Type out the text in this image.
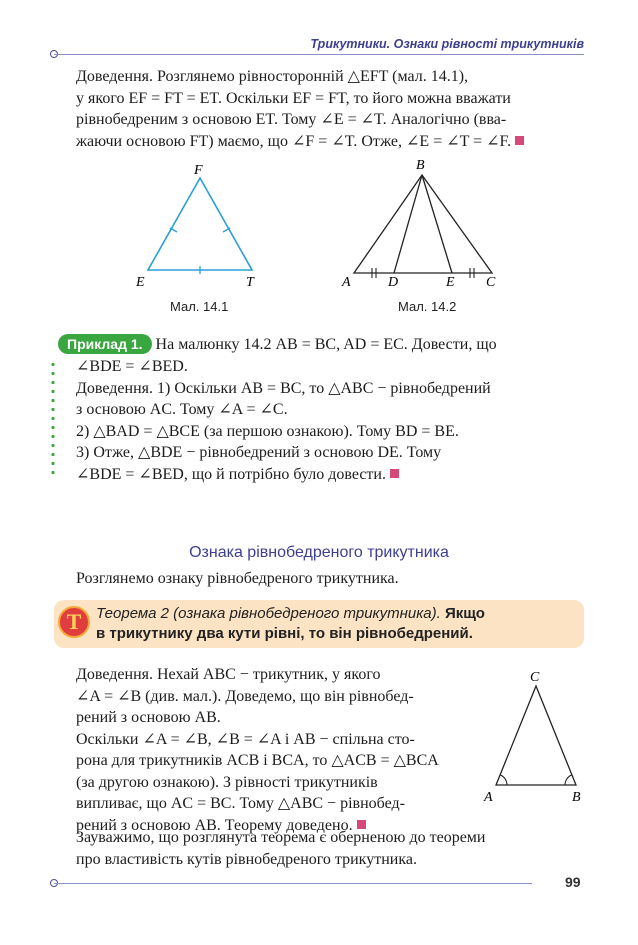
Трикутники. Ознаки рівності трикутників

Доведення. Розглянемо рівносторонній △EFT (мал. 14.1),

у якого EF = FT = ET. Оскільки EF = FT, то його можна вважати

рівнобедреним з основою ET. Тому ∠E = ∠T. Аналогічно (вва-

жаючи основою FT) маємо, що ∠F = ∠T. Отже, ∠E = ∠T = ∠F.

F
E	T
Мал. 14.1
B
A	D	E C
Мал. 14.2

Приклад 1. На малюнку 14.2 AB = BC, AD = EC. Довести, що

∠BDE = ∠BED.

Доведення. 1) Оскільки AB = BC, то △ABC − рівнобедрений

з основою AC. Тому ∠A = ∠C.

2) △BAD = △BCE (за першою ознакою). Тому BD = BE.

3) Отже, △BDE − рівнобедрений з основою DE. Тому

∠BDE = ∠BED, що й потрібно було довести.

Ознака рівнобедреного трикутника

Розглянемо ознаку рівнобедреного трикутника.

T Теорема 2 (ознака рівнобедреного трикутника). Якщо
в трикутнику два кути рівні, то він рівнобедрений.

Доведення. Нехай ABC − трикутник, у якого

∠A = ∠B (див. мал.). Доведемо, що він рівнобед-

рений з основою AB.

Оскільки ∠A = ∠B, ∠B = ∠A і AB − спільна сто-

рона для трикутників ACB і BCA, то △ACB = △BCA

(за другою ознакою). З рівності трикутників

випливає, що AC = BC. Тому △ABC − рівнобед-

рений з основою AB. Теорему доведено.

C
A	B

Зауважимо, що розглянута теорема є оберненою до теореми

про властивість кутів рівнобедреного трикутника.

99
